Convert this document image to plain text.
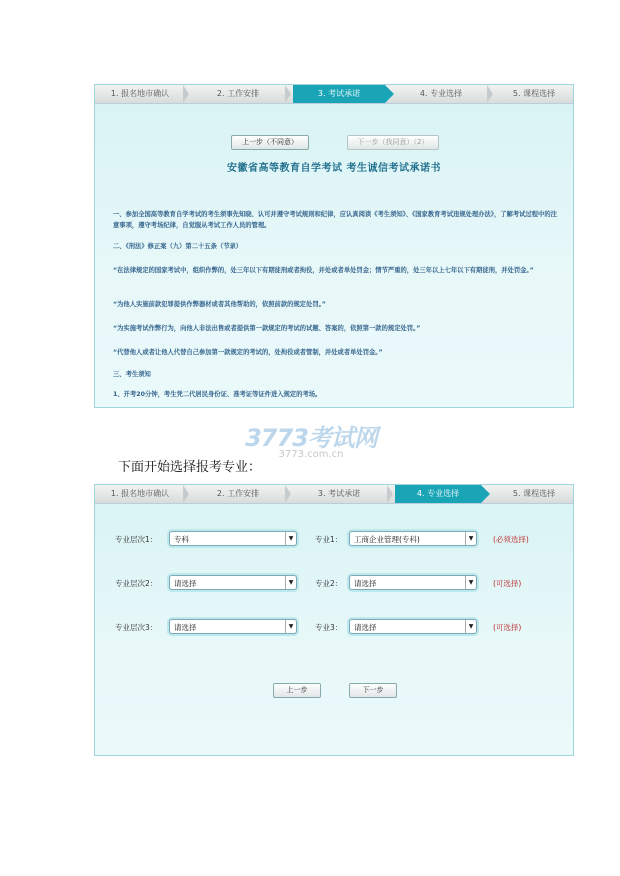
1. 报名地市确认	2. 工作安排	3. 考试承诺	4. 专业选择	5. 课程选择
上一步（不同意）	下一步（我同意）（2）
安徽省高等教育自学考试 考生诚信考试承诺书
一、参加全国高等教育自学考试的考生须事先知晓、认可并遵守考试规则和纪律，应认真阅读《考生须知》、《国家教育考试违规处理办法》，了解考试过程中的注意事项，遵守考场纪律，自觉服从考试工作人员的管理。
二、《刑法》修正案（九）第二十五条（节录）
“在法律规定的国家考试中，组织作弊的，处三年以下有期徒刑或者拘役，并处或者单处罚金；情节严重的，处三年以上七年以下有期徒刑，并处罚金。”
“为他人实施前款犯罪提供作弊器材或者其他帮助的，依照前款的规定处罚。”
“为实施考试作弊行为，向他人非法出售或者提供第一款规定的考试的试题、答案的，依照第一款的规定处罚。”
“代替他人或者让他人代替自己参加第一款规定的考试的，处拘役或者管制，并处或者单处罚金。”
三、考生须知
1、开考20分钟，考生凭二代居民身份证、准考证等证件进入规定的考场。
3773考试网
3773.com.cn
下面开始选择报考专业：
1. 报名地市确认	2. 工作安排	3. 考试承诺	4. 专业选择	5. 课程选择
专业层次1：	专科	▼	专业1：	工商企业管理(专科)	▼	(必须选择)
专业层次2：	请选择	▼	专业2：	请选择	▼	(可选择)
专业层次3：	请选择	▼	专业3：	请选择	▼	(可选择)
上一步	下一步
